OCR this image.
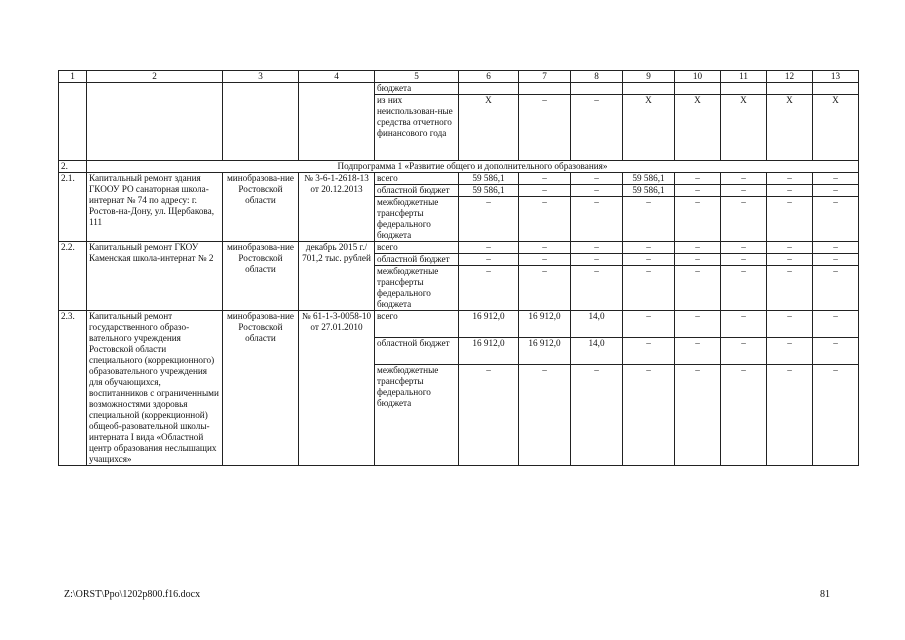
1	2	3	4	5	6	7	8	9	10	11	12	13
				бюджета								
				из них неиспользован-ные средства отчетного финансового года	X	–	–	X	X	X	X	X
2.	Подпрограмма 1 «Развитие общего и дополнительного образования»											
2.1.	Капитальный ремонт здания ГКООУ РО санаторная школа-интернат № 74 по адресу: г. Ростов-на-Дону, ул. Щербакова, 111	минобразова-ние Ростовской области	№ 3-6-1-2618-13 от 20.12.2013	всего	59 586,1	–	–	59 586,1	–	–	–	–
				областной бюджет	59 586,1	–	–	59 586,1	–	–	–	–
				межбюджетные трансферты федерального бюджета	–	–	–	–	–	–	–	–
2.2.	Капитальный ремонт ГКОУ Каменская школа-интернат № 2	минобразова-ние Ростовской области	декабрь 2015 г./ 701,2 тыс. рублей	всего	–	–	–	–	–	–	–	–
				областной бюджет	–	–	–	–	–	–	–	–
				межбюджетные трансферты федерального бюджета	–	–	–	–	–	–	–	–
2.3.	Капитальный ремонт государственного образо-вательного учреждения Ростовской области специального (коррекционного) образовательного учреждения для обучающихся, воспитанников с ограниченными возможностями здоровья специальной (коррекционной) общеоб-разовательной школы-интерната I вида «Областной центр образования неслышащих учащихся»	минобразова-ние Ростовской области	№ 61-1-3-0058-10 от 27.01.2010	всего	16 912,0	16 912,0	14,0	–	–	–	–	–
				областной бюджет	16 912,0	16 912,0	14,0	–	–	–	–	–
				межбюджетные трансферты федерального бюджета	–	–	–	–	–	–	–	–
Z:\ORST\Ppo\1202p800.f16.docx	81
